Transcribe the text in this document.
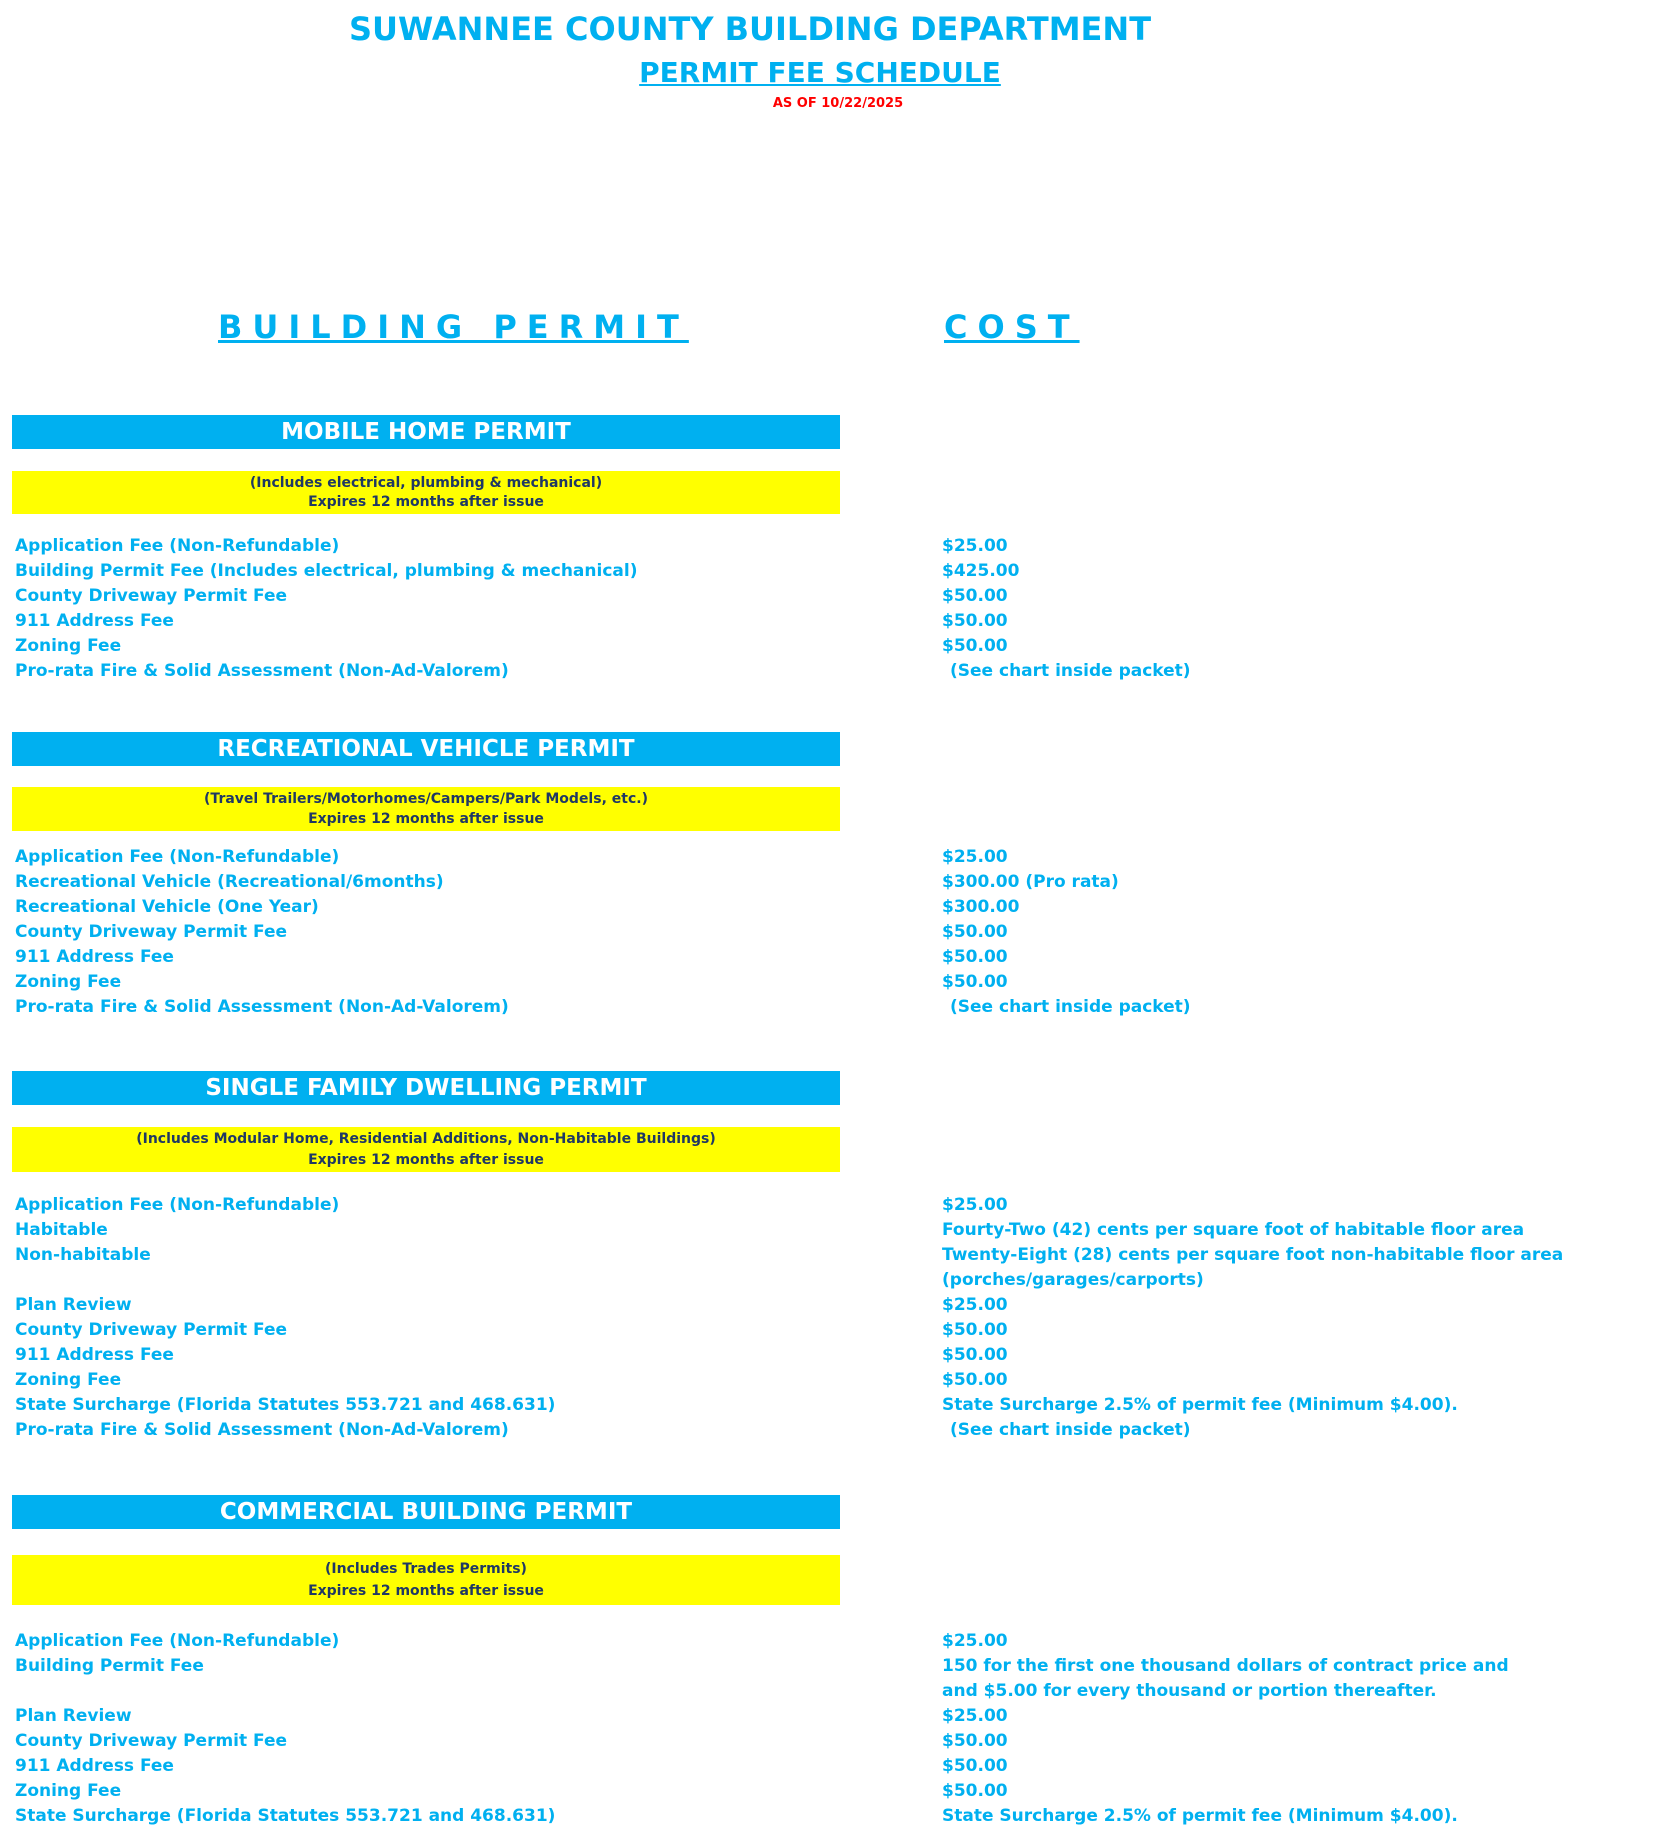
SUWANNEE COUNTY BUILDING DEPARTMENT
PERMIT FEE SCHEDULE
AS OF 10/22/2025
BUILDING PERMIT	COST
MOBILE HOME PERMIT
(Includes electrical, plumbing & mechanical)
Expires 12 months after issue
Application Fee (Non-Refundable)	$25.00
Building Permit Fee (Includes electrical, plumbing & mechanical)	$425.00
County Driveway Permit Fee	$50.00
911 Address Fee	$50.00
Zoning Fee	$50.00
Pro-rata Fire & Solid Assessment (Non-Ad-Valorem)	(See chart inside packet)
RECREATIONAL VEHICLE PERMIT
(Travel Trailers/Motorhomes/Campers/Park Models, etc.)
Expires 12 months after issue
Application Fee (Non-Refundable)	$25.00
Recreational Vehicle (Recreational/6months)	$300.00 (Pro rata)
Recreational Vehicle (One Year)	$300.00
County Driveway Permit Fee	$50.00
911 Address Fee	$50.00
Zoning Fee	$50.00
Pro-rata Fire & Solid Assessment (Non-Ad-Valorem)	(See chart inside packet)
SINGLE FAMILY DWELLING PERMIT
(Includes Modular Home, Residential Additions, Non-Habitable Buildings)
Expires 12 months after issue
Application Fee (Non-Refundable)	$25.00
Habitable	Fourty-Two (42) cents per square foot of habitable floor area
Non-habitable	Twenty-Eight (28) cents per square foot non-habitable floor area
(porches/garages/carports)
Plan Review	$25.00
County Driveway Permit Fee	$50.00
911 Address Fee	$50.00
Zoning Fee	$50.00
State Surcharge (Florida Statutes 553.721 and 468.631)	State Surcharge 2.5% of permit fee (Minimum $4.00).
Pro-rata Fire & Solid Assessment (Non-Ad-Valorem)	(See chart inside packet)
COMMERCIAL BUILDING PERMIT
(Includes Trades Permits)
Expires 12 months after issue
Application Fee (Non-Refundable)	$25.00
Building Permit Fee	150 for the first one thousand dollars of contract price and
and $5.00 for every thousand or portion thereafter.
Plan Review	$25.00
County Driveway Permit Fee	$50.00
911 Address Fee	$50.00
Zoning Fee	$50.00
State Surcharge (Florida Statutes 553.721 and 468.631)	State Surcharge 2.5% of permit fee (Minimum $4.00).
